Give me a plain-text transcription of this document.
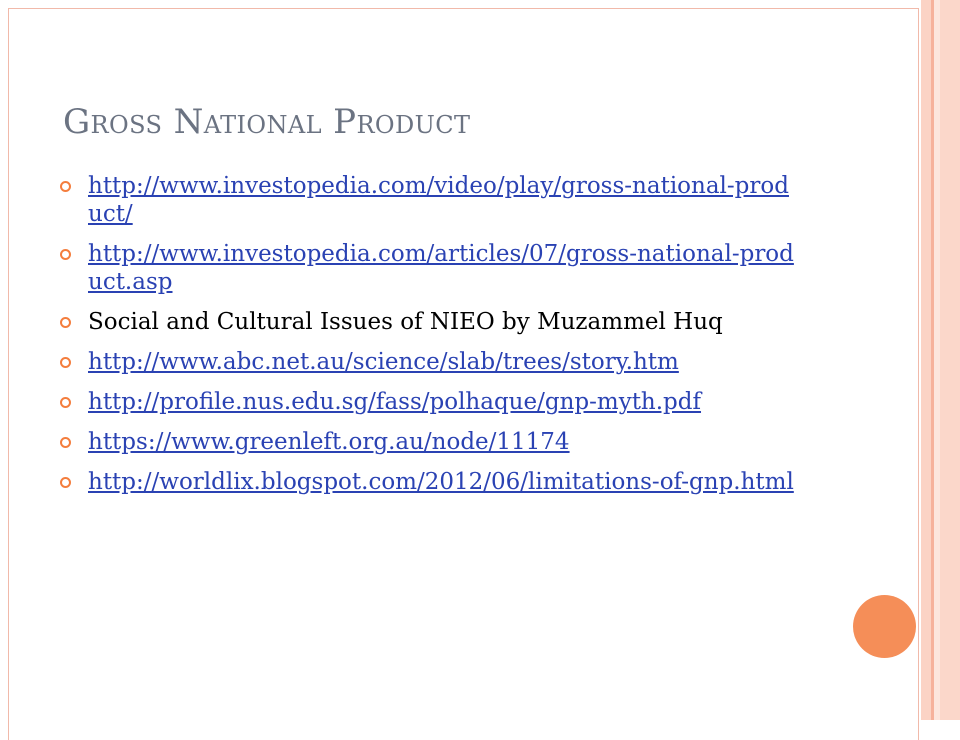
Gross National Product
http://www.investopedia.com/video/play/gross-national-product/
http://www.investopedia.com/articles/07/gross-national-product.asp
Social and Cultural Issues of NIEO by Muzammel Huq
http://www.abc.net.au/science/slab/trees/story.htm
http://profile.nus.edu.sg/fass/polhaque/gnp-myth.pdf
https://www.greenleft.org.au/node/11174
http://worldlix.blogspot.com/2012/06/limitations-of-gnp.html
